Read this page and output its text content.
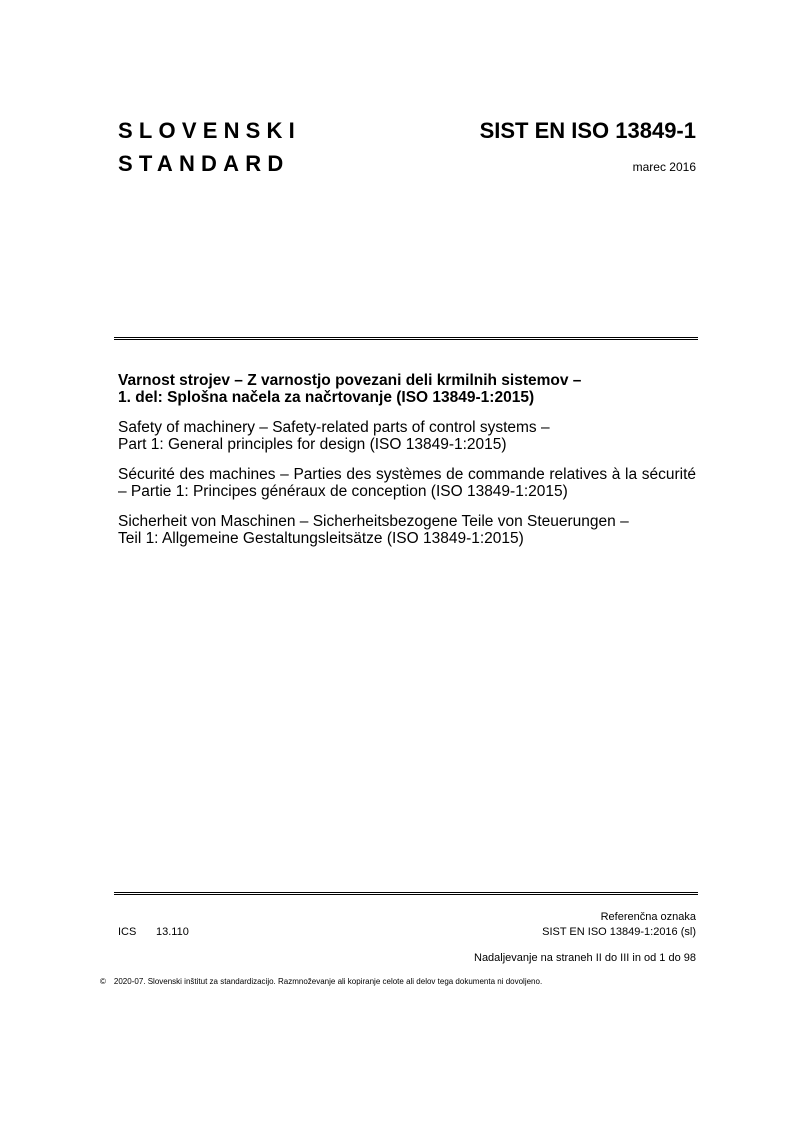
SLOVENSKI
STANDARD
SIST EN ISO 13849-1
marec 2016

Varnost strojev – Z varnostjo povezani deli krmilnih sistemov –
1. del: Splošna načela za načrtovanje (ISO 13849-1:2015)

Safety of machinery – Safety-related parts of control systems –
Part 1: General principles for design (ISO 13849-1:2015)

Sécurité des machines – Parties des systèmes de commande relatives à la sécurité – Partie 1: Principes généraux de conception (ISO 13849-1:2015)

Sicherheit von Maschinen – Sicherheitsbezogene Teile von Steuerungen –
Teil 1: Allgemeine Gestaltungsleitsätze (ISO 13849-1:2015)

Referenčna oznaka
ICS 13.110	SIST EN ISO 13849-1:2016 (sl)
Nadaljevanje na straneh II do III in od 1 do 98
© 2020-07. Slovenski inštitut za standardizacijo. Razmnoževanje ali kopiranje celote ali delov tega dokumenta ni dovoljeno.
